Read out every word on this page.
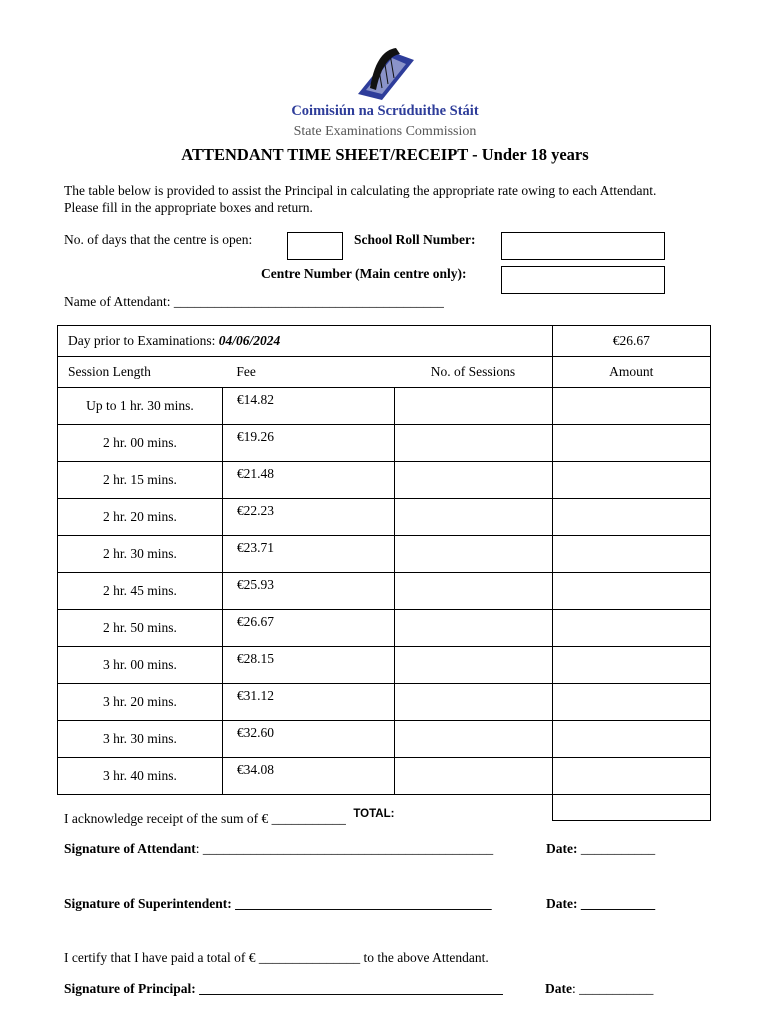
Coimisiún na Scrúduithe Stáit
State Examinations Commission
ATTENDANT TIME SHEET/RECEIPT - Under 18 years
The table below is provided to assist the Principal in calculating the appropriate rate owing to each Attendant. Please fill in the appropriate boxes and return.
No. of days that the centre is open:	School Roll Number:
Centre Number (Main centre only):
Name of Attendant: ________________________________________
Day prior to Examinations: 04/06/2024			€26.67
Session Length	Fee	No. of Sessions	Amount
Up to 1 hr. 30 mins.	€14.82		
2 hr. 00 mins.	€19.26		
2 hr. 15 mins.	€21.48		
2 hr. 20 mins.	€22.23		
2 hr. 30 mins.	€23.71		
2 hr. 45 mins.	€25.93		
2 hr. 50 mins.	€26.67		
3 hr. 00 mins.	€28.15		
3 hr. 20 mins.	€31.12		
3 hr. 30 mins.	€32.60		
3 hr. 40 mins.	€34.08		
	TOTAL:		
I acknowledge receipt of the sum of € ___________
Signature of Attendant: ___________________________________________	Date: ___________
Signature of Superintendent: ______________________________________	Date: ___________
I certify that I have paid a total of € _______________ to the above Attendant.
Signature of Principal: _____________________________________________	Date: ___________
